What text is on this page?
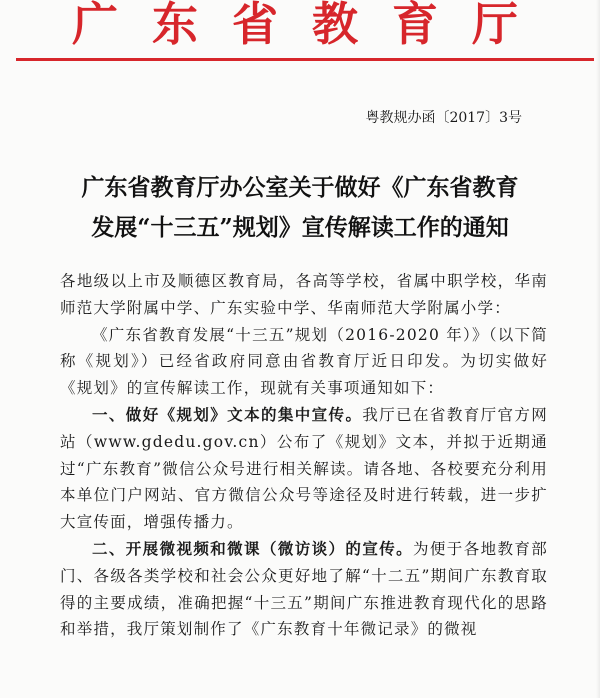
广东省教育厅
粤教规办函〔2017〕3号
广东省教育厅办公室关于做好《广东省教育
发展“十三五”规划》宣传解读工作的通知

各地级以上市及顺德区教育局，各高等学校，省属中职学校，华南师范大学附属中学、广东实验中学、华南师范大学附属小学：

《广东省教育发展“十三五”规划（2016-2020 年）》（以下简称《规划》）已经省政府同意由省教育厅近日印发。为切实做好《规划》的宣传解读工作，现就有关事项通知如下：

一、做好《规划》文本的集中宣传。我厅已在省教育厅官方网站（www.gdedu.gov.cn）公布了《规划》文本，并拟于近期通过“广东教育”微信公众号进行相关解读。请各地、各校要充分利用本单位门户网站、官方微信公众号等途径及时进行转载，进一步扩大宣传面，增强传播力。

二、开展微视频和微课（微访谈）的宣传。为便于各地教育部门、各级各类学校和社会公众更好地了解“十二五”期间广东教育取得的主要成绩，准确把握“十三五”期间广东推进教育现代化的思路和举措，我厅策划制作了《广东教育十年微记录》的微视
